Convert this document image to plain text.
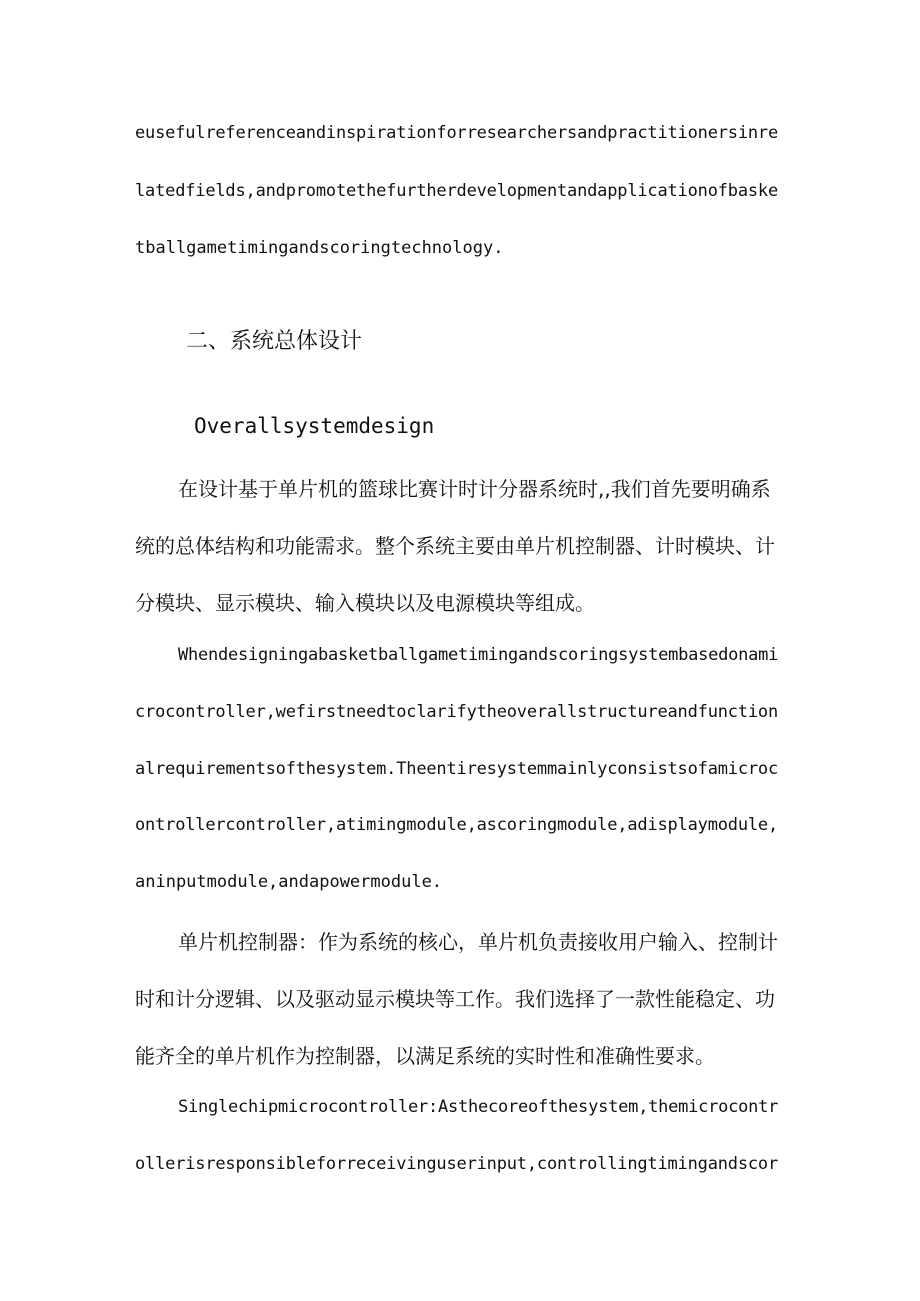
eusefulreferenceandinspirationforresearchersandpractitionersinre

latedfields,andpromotethefurtherdevelopmentandapplicationofbaske

tballgametimingandscoringtechnology.

二、系统总体设计
Overallsystemdesign

在设计基于单片机的篮球比赛计时计分器系统时,,我们首先要明确系

统的总体结构和功能需求。整个系统主要由单片机控制器、计时模块、计

分模块、显示模块、输入模块以及电源模块等组成。

Whendesigningabasketballgametimingandscoringsystembasedonami

crocontroller,wefirstneedtoclarifytheoverallstructureandfunction

alrequirementsofthesystem.Theentiresystemmainlyconsistsofamicroc

ontrollercontroller,atimingmodule,ascoringmodule,adisplaymodule,

aninputmodule,andapowermodule.

单片机控制器：作为系统的核心，单片机负责接收用户输入、控制计

时和计分逻辑、以及驱动显示模块等工作。我们选择了一款性能稳定、功

能齐全的单片机作为控制器，以满足系统的实时性和准确性要求。

Singlechipmicrocontroller:Asthecoreofthesystem,themicrocontr

ollerisresponsibleforreceivinguserinput,controllingtimingandscor
